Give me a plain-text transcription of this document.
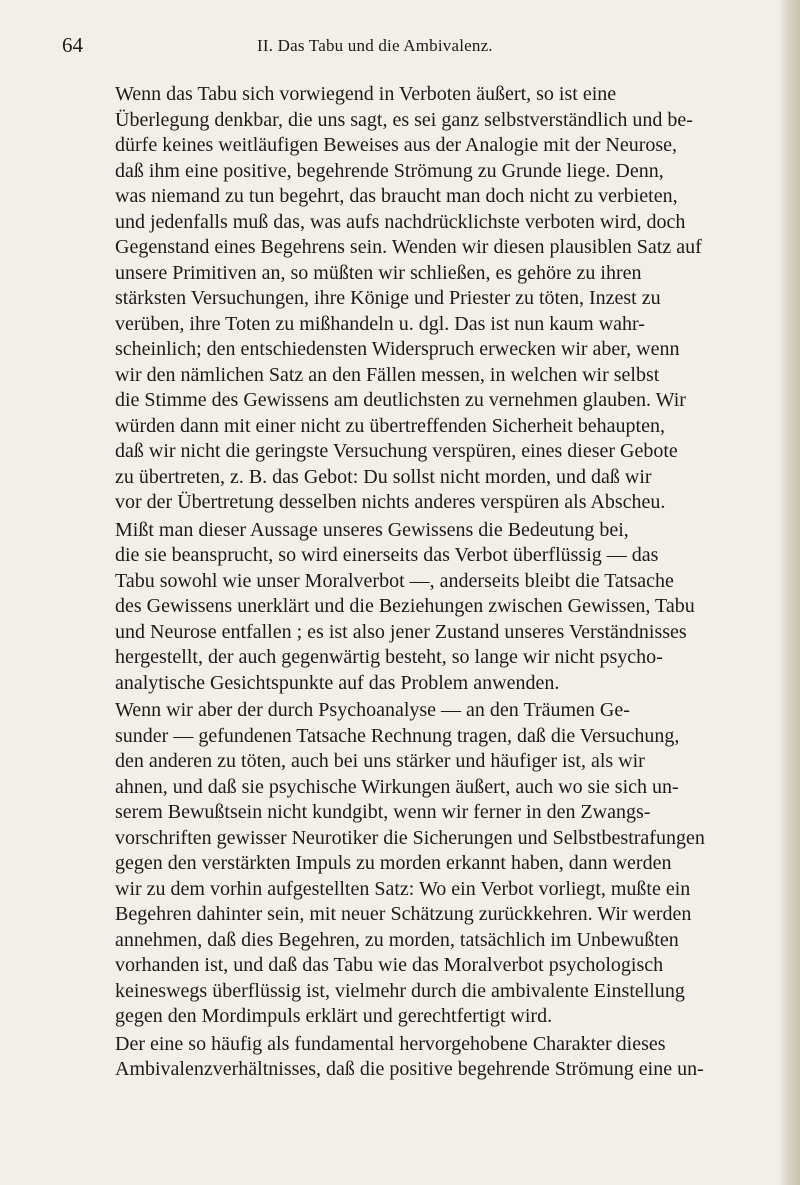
64	II. Das Tabu und die Ambivalenz.

Wenn das Tabu sich vorwiegend in Verboten äußert, so ist eine
Überlegung denkbar, die uns sagt, es sei ganz selbstverständlich und be-
dürfe keines weitläufigen Beweises aus der Analogie mit der Neurose,
daß ihm eine positive, begehrende Strömung zu Grunde liege. Denn,
was niemand zu tun begehrt, das braucht man doch nicht zu verbieten,
und jedenfalls muß das, was aufs nachdrücklichste verboten wird, doch
Gegenstand eines Begehrens sein. Wenden wir diesen plausiblen Satz auf
unsere Primitiven an, so müßten wir schließen, es gehöre zu ihren
stärksten Versuchungen, ihre Könige und Priester zu töten, Inzest zu
verüben, ihre Toten zu mißhandeln u. dgl. Das ist nun kaum wahr-
scheinlich; den entschiedensten Widerspruch erwecken wir aber, wenn
wir den nämlichen Satz an den Fällen messen, in welchen wir selbst
die Stimme des Gewissens am deutlichsten zu vernehmen glauben. Wir
würden dann mit einer nicht zu übertreffenden Sicherheit behaupten,
daß wir nicht die geringste Versuchung verspüren, eines dieser Gebote
zu übertreten, z. B. das Gebot: Du sollst nicht morden, und daß wir
vor der Übertretung desselben nichts anderes verspüren als Abscheu.

Mißt man dieser Aussage unseres Gewissens die Bedeutung bei,
die sie beansprucht, so wird einerseits das Verbot überflüssig — das
Tabu sowohl wie unser Moralverbot —, anderseits bleibt die Tatsache
des Gewissens unerklärt und die Beziehungen zwischen Gewissen, Tabu
und Neurose entfallen ; es ist also jener Zustand unseres Verständnisses
hergestellt, der auch gegenwärtig besteht, so lange wir nicht psycho-
analytische Gesichtspunkte auf das Problem anwenden.

Wenn wir aber der durch Psychoanalyse — an den Träumen Ge-
sunder — gefundenen Tatsache Rechnung tragen, daß die Versuchung,
den anderen zu töten, auch bei uns stärker und häufiger ist, als wir
ahnen, und daß sie psychische Wirkungen äußert, auch wo sie sich un-
serem Bewußtsein nicht kundgibt, wenn wir ferner in den Zwangs-
vorschriften gewisser Neurotiker die Sicherungen und Selbstbestrafungen
gegen den verstärkten Impuls zu morden erkannt haben, dann werden
wir zu dem vorhin aufgestellten Satz: Wo ein Verbot vorliegt, mußte ein
Begehren dahinter sein, mit neuer Schätzung zurückkehren. Wir werden
annehmen, daß dies Begehren, zu morden, tatsächlich im Unbewußten
vorhanden ist, und daß das Tabu wie das Moralverbot psychologisch
keineswegs überflüssig ist, vielmehr durch die ambivalente Einstellung
gegen den Mordimpuls erklärt und gerechtfertigt wird.

Der eine so häufig als fundamental hervorgehobene Charakter dieses
Ambivalenzverhältnisses, daß die positive begehrende Strömung eine un-
